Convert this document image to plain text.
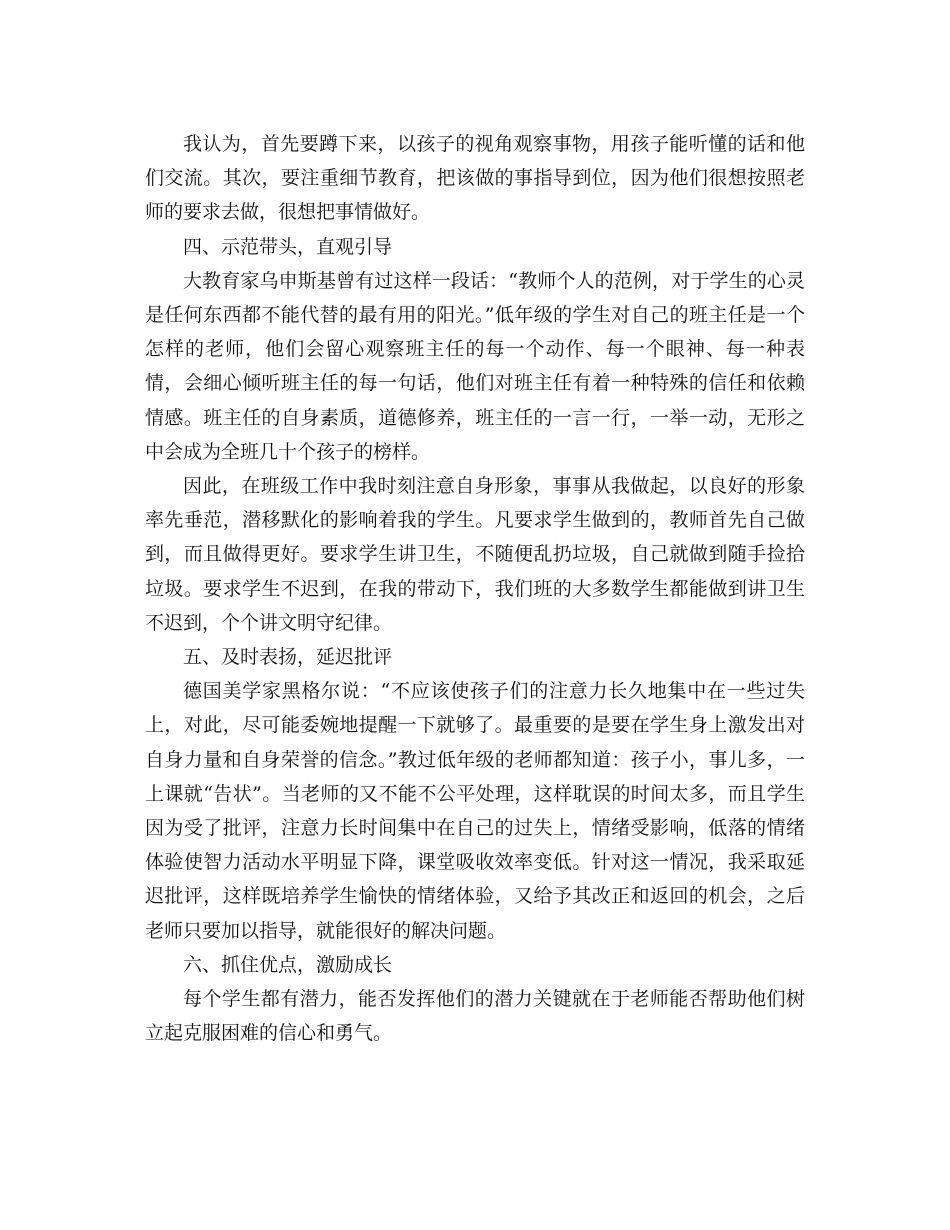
我认为，首先要蹲下来，以孩子的视角观察事物，用孩子能听懂的话和他们交流。其次，要注重细节教育，把该做的事指导到位，因为他们很想按照老师的要求去做，很想把事情做好。

四、示范带头，直观引导

大教育家乌申斯基曾有过这样一段话：“教师个人的范例，对于学生的心灵是任何东西都不能代替的最有用的阳光。”低年级的学生对自己的班主任是一个怎样的老师，他们会留心观察班主任的每一个动作、每一个眼神、每一种表情，会细心倾听班主任的每一句话，他们对班主任有着一种特殊的信任和依赖情感。班主任的自身素质，道德修养，班主任的一言一行，一举一动，无形之中会成为全班几十个孩子的榜样。

因此，在班级工作中我时刻注意自身形象，事事从我做起，以良好的形象率先垂范，潜移默化的影响着我的学生。凡要求学生做到的，教师首先自己做到，而且做得更好。要求学生讲卫生，不随便乱扔垃圾，自己就做到随手捡拾垃圾。要求学生不迟到，在我的带动下，我们班的大多数学生都能做到讲卫生不迟到，个个讲文明守纪律。

五、及时表扬，延迟批评

德国美学家黑格尔说：“不应该使孩子们的注意力长久地集中在一些过失上，对此，尽可能委婉地提醒一下就够了。最重要的是要在学生身上激发出对自身力量和自身荣誉的信念。”教过低年级的老师都知道：孩子小，事儿多，一上课就“告状”。当老师的又不能不公平处理，这样耽误的时间太多，而且学生因为受了批评，注意力长时间集中在自己的过失上，情绪受影响，低落的情绪体验使智力活动水平明显下降，课堂吸收效率变低。针对这一情况，我采取延迟批评，这样既培养学生愉快的情绪体验，又给予其改正和返回的机会，之后老师只要加以指导，就能很好的解决问题。

六、抓住优点，激励成长

每个学生都有潜力，能否发挥他们的潜力关键就在于老师能否帮助他们树立起克服困难的信心和勇气。
